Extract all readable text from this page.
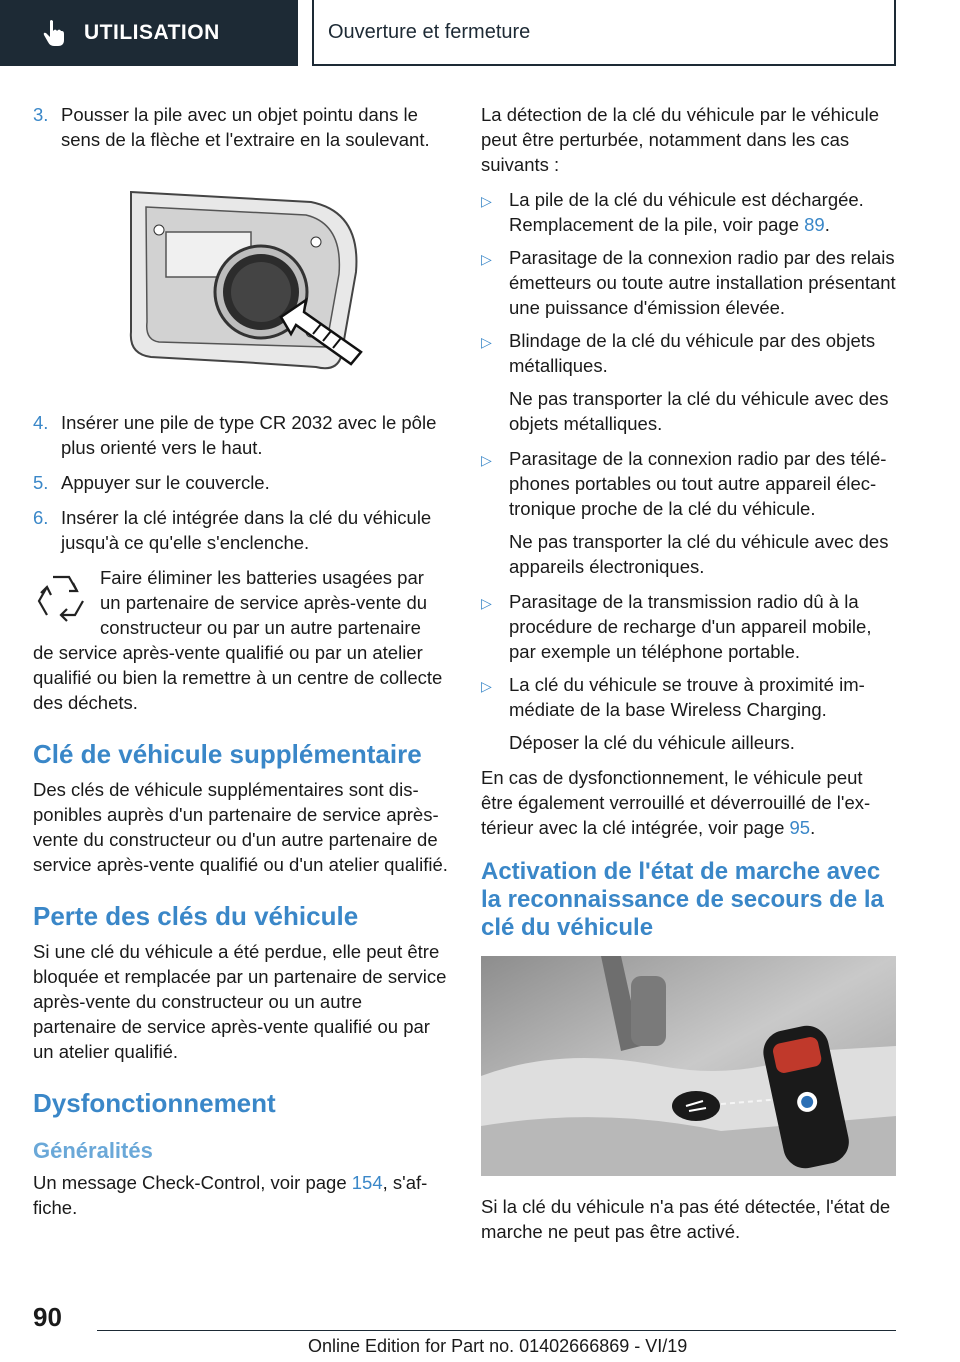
UTILISATION	Ouverture et fermeture
3. Pousser la pile avec un objet pointu dans le sens de la flèche et l'extraire en la soulevant.
4. Insérer une pile de type CR 2032 avec le pôle plus orienté vers le haut.
5. Appuyer sur le couvercle.
6. Insérer la clé intégrée dans la clé du véhicule jusqu'à ce qu'elle s'enclenche.

Faire éliminer les batteries usagées par un partenaire de service après-vente du constructeur ou par un autre partenaire

de service après-vente qualifié ou par un atelier qualifié ou bien la remettre à un centre de collecte des déchets.

Clé de véhicule supplémentaire

Des clés de véhicule supplémentaires sont disponibles auprès d'un partenaire de service après-vente du constructeur ou d'un autre partenaire de service après-vente qualifié ou d'un atelier qualifié.

Perte des clés du véhicule

Si une clé du véhicule a été perdue, elle peut être bloquée et remplacée par un partenaire de service après-vente du constructeur ou un autre partenaire de service après-vente qualifié ou par un atelier qualifié.

Dysfonctionnement
Généralités

Un message Check-Control, voir page 154, s'affiche.

La détection de la clé du véhicule par le véhicule peut être perturbée, notamment dans les cas suivants :

▷ La pile de la clé du véhicule est déchargée. Remplacement de la pile, voir page 89.
▷ Parasitage de la connexion radio par des relais émetteurs ou toute autre installation présentant une puissance d'émission élevée.
▷ Blindage de la clé du véhicule par des objets métalliques.

Ne pas transporter la clé du véhicule avec des objets métalliques.

▷ Parasitage de la connexion radio par des téléphones portables ou tout autre appareil électronique proche de la clé du véhicule.

Ne pas transporter la clé du véhicule avec des appareils électroniques.

▷ Parasitage de la transmission radio dû à la procédure de recharge d'un appareil mobile, par exemple un téléphone portable.
▷ La clé du véhicule se trouve à proximité immédiate de la base Wireless Charging.

Déposer la clé du véhicule ailleurs.

En cas de dysfonctionnement, le véhicule peut être également verrouillé et déverrouillé de l'extérieur avec la clé intégrée, voir page 95.

Activation de l'état de marche avec la reconnaissance de secours de la clé du véhicule

Si la clé du véhicule n'a pas été détectée, l'état de marche ne peut pas être activé.

90
Online Edition for Part no. 01402666869 - VI/19
